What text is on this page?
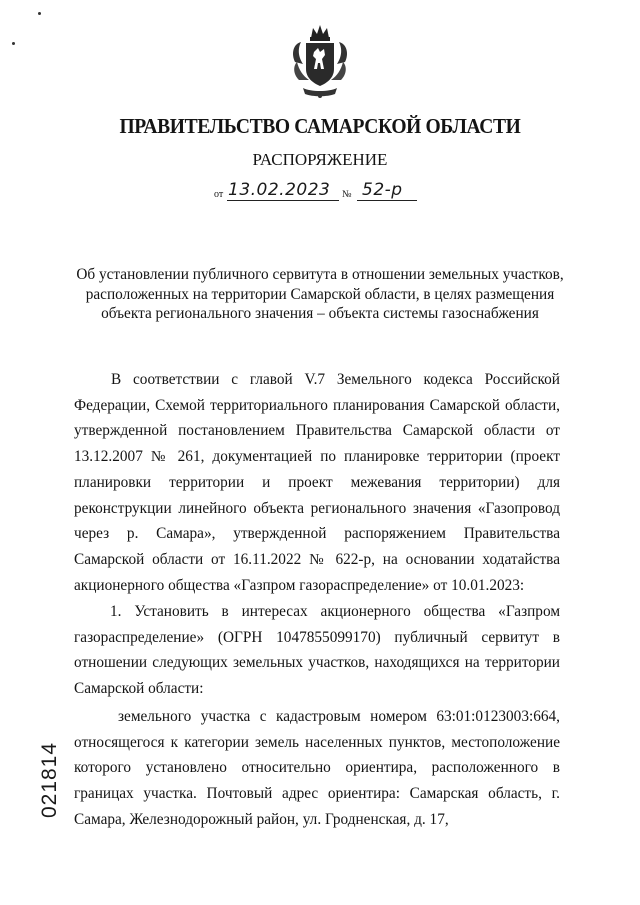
ПРАВИТЕЛЬСТВО САМАРСКОЙ ОБЛАСТИ
РАСПОРЯЖЕНИЕ
от 13.02.2023 № 52-р
Об установлении публичного сервитута в отношении земельных участков, расположенных на территории Самарской области, в целях размещения объекта регионального значения – объекта системы газоснабжения
В соответствии с главой V.7 Земельного кодекса Российской Федерации, Схемой территориального планирования Самарской области, утвержденной постановлением Правительства Самарской области от 13.12.2007 № 261, документацией по планировке территории (проект планировки территории и проект межевания территории) для реконструкции линейного объекта регионального значения «Газопровод через р. Самара», утвержденной распоряжением Правительства Самарской области от 16.11.2022 № 622-р, на основании ходатайства акционерного общества «Газпром газораспределение» от 10.01.2023:
1. Установить в интересах акционерного общества «Газпром газораспределение» (ОГРН 1047855099170) публичный сервитут в отношении следующих земельных участков, находящихся на территории Самарской области:
земельного участка с кадастровым номером 63:01:0123003:664, относящегося к категории земель населенных пунктов, местоположение которого установлено относительно ориентира, расположенного в границах участка. Почтовый адрес ориентира: Самарская область, г. Самара, Железнодорожный район, ул. Гродненская, д. 17,
021814
